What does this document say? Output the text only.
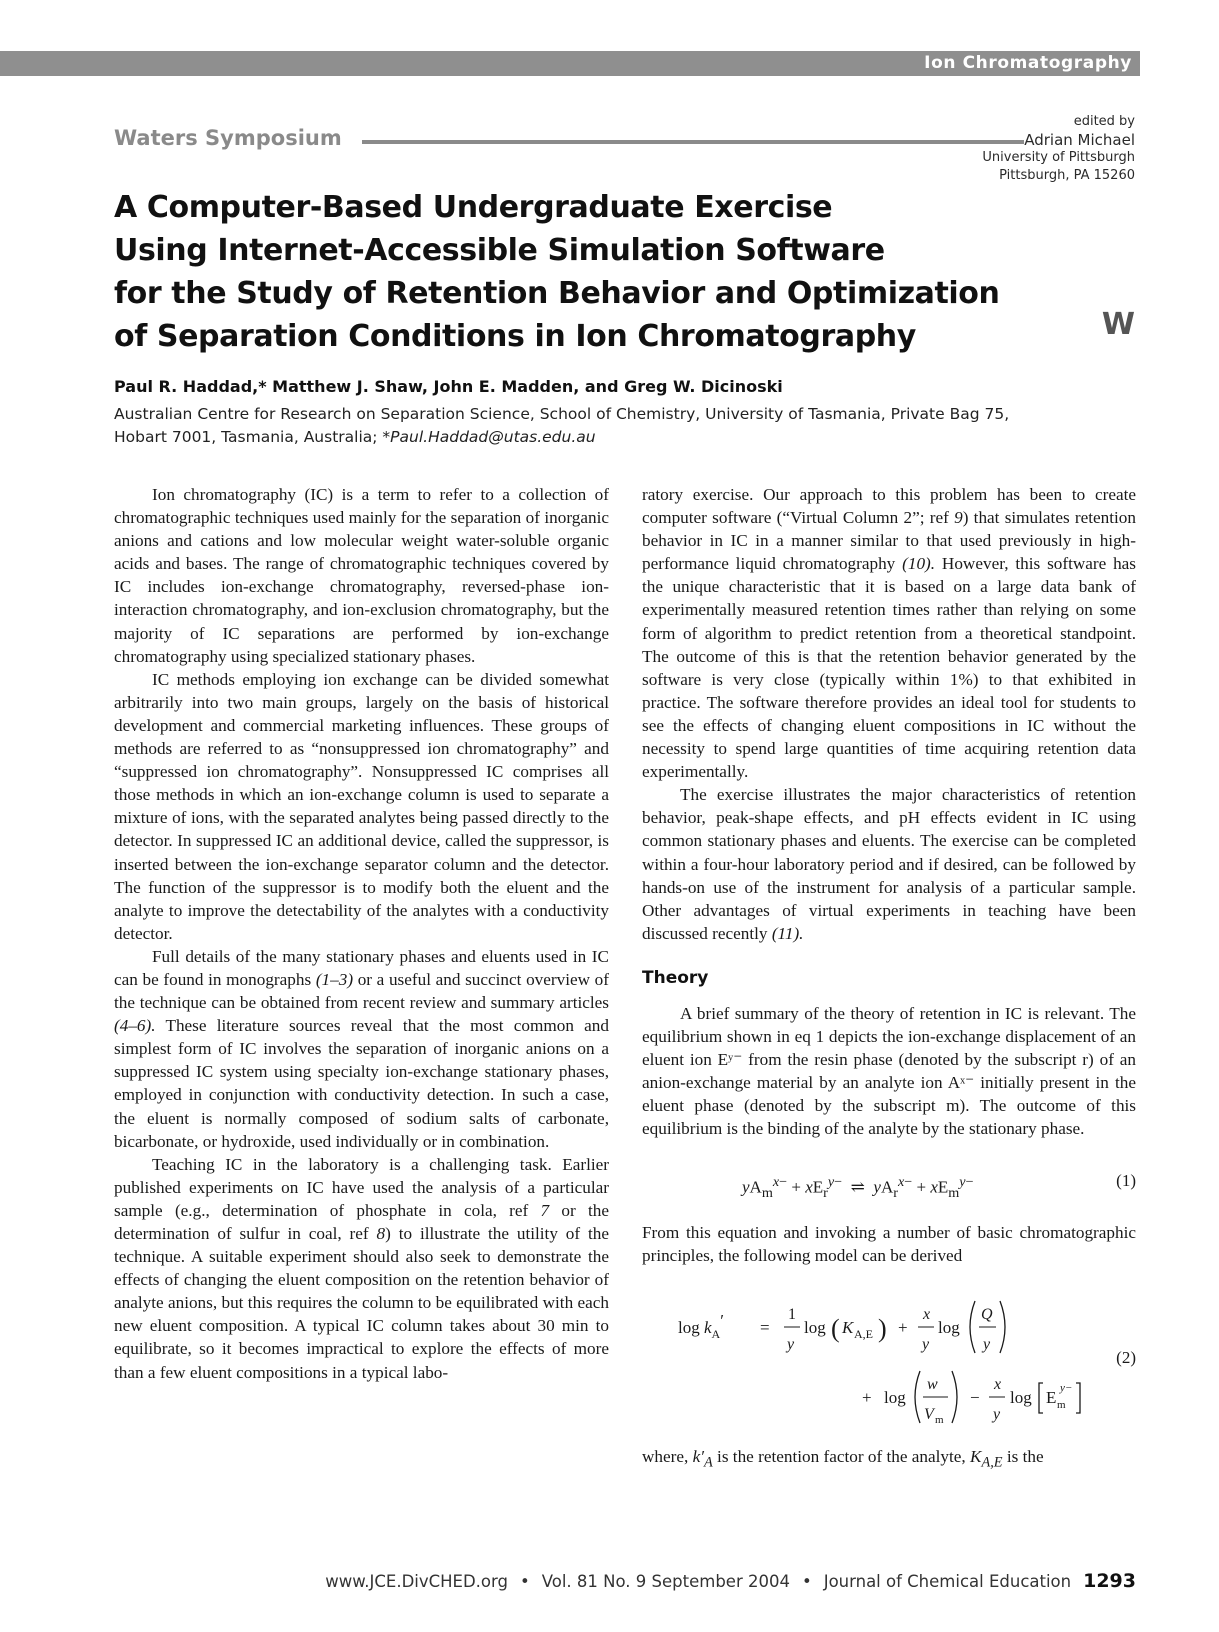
Ion Chromatography
Waters Symposium
edited by
Adrian Michael
University of Pittsburgh
Pittsburgh, PA 15260
A Computer-Based Undergraduate Exercise
Using Internet-Accessible Simulation Software
for the Study of Retention Behavior and Optimization
of Separation Conditions in Ion Chromatography	W
Paul R. Haddad,* Matthew J. Shaw, John E. Madden, and Greg W. Dicinoski
Australian Centre for Research on Separation Science, School of Chemistry, University of Tasmania, Private Bag 75,
Hobart 7001, Tasmania, Australia; *Paul.Haddad@utas.edu.au

Ion chromatography (IC) is a term to refer to a collection of chromatographic techniques used mainly for the separation of inorganic anions and cations and low molecular weight water-soluble organic acids and bases. The range of chromatographic techniques covered by IC includes ion-exchange chromatography, reversed-phase ion-interaction chromatography, and ion-exclusion chromatography, but the majority of IC separations are performed by ion-exchange chromatography using specialized stationary phases.

IC methods employing ion exchange can be divided somewhat arbitrarily into two main groups, largely on the basis of historical development and commercial marketing influences. These groups of methods are referred to as “nonsuppressed ion chromatography” and “suppressed ion chromatography”. Nonsuppressed IC comprises all those methods in which an ion-exchange column is used to separate a mixture of ions, with the separated analytes being passed directly to the detector. In suppressed IC an additional device, called the suppressor, is inserted between the ion-exchange separator column and the detector. The function of the suppressor is to modify both the eluent and the analyte to improve the detectability of the analytes with a conductivity detector.

Full details of the many stationary phases and eluents used in IC can be found in monographs (1–3) or a useful and succinct overview of the technique can be obtained from recent review and summary articles (4–6). These literature sources reveal that the most common and simplest form of IC involves the separation of inorganic anions on a suppressed IC system using specialty ion-exchange stationary phases, employed in conjunction with conductivity detection. In such a case, the eluent is normally composed of sodium salts of carbonate, bicarbonate, or hydroxide, used individually or in combination.

Teaching IC in the laboratory is a challenging task. Earlier published experiments on IC have used the analysis of a particular sample (e.g., determination of phosphate in cola, ref 7 or the determination of sulfur in coal, ref 8) to illustrate the utility of the technique. A suitable experiment should also seek to demonstrate the effects of changing the eluent composition on the retention behavior of analyte anions, but this requires the column to be equilibrated with each new eluent composition. A typical IC column takes about 30 min to equilibrate, so it becomes impractical to explore the effects of more than a few eluent compositions in a typical labo-

ratory exercise. Our approach to this problem has been to create computer software (“Virtual Column 2”; ref 9) that simulates retention behavior in IC in a manner similar to that used previously in high-performance liquid chromatography (10). However, this software has the unique characteristic that it is based on a large data bank of experimentally measured retention times rather than relying on some form of algorithm to predict retention from a theoretical standpoint. The outcome of this is that the retention behavior generated by the software is very close (typically within 1%) to that exhibited in practice. The software therefore provides an ideal tool for students to see the effects of changing eluent compositions in IC without the necessity to spend large quantities of time acquiring retention data experimentally.

The exercise illustrates the major characteristics of retention behavior, peak-shape effects, and pH effects evident in IC using common stationary phases and eluents. The exercise can be completed within a four-hour laboratory period and if desired, can be followed by hands-on use of the instrument for analysis of a particular sample. Other advantages of virtual experiments in teaching have been discussed recently (11).

Theory

A brief summary of the theory of retention in IC is relevant. The equilibrium shown in eq 1 depicts the ion-exchange displacement of an eluent ion Eʸ⁻ from the resin phase (denoted by the subscript r) of an anion-exchange material by an analyte ion Aˣ⁻ initially present in the eluent phase (denoted by the subscript m). The outcome of this equilibrium is the binding of the analyte by the stationary phase.

$yA_m^{x-} + xE_r^{y-}$  ⇌  $yA_r^{x-} + xE_m^{y-}$	(1)

From this equation and invoking a number of basic chromatographic principles, the following model can be derived

$\log k_A'$ =
1
y
log ( K A,E ) +
x
y
log
Q
y
+ log
w
V m
−
x
y
log E m
y−
(2)

where, $k'_A$ is the retention factor of the analyte, $K_{A,E}$ is the

www.JCE.DivCHED.org • Vol. 81 No. 9 September 2004 • Journal of Chemical Education 1293
